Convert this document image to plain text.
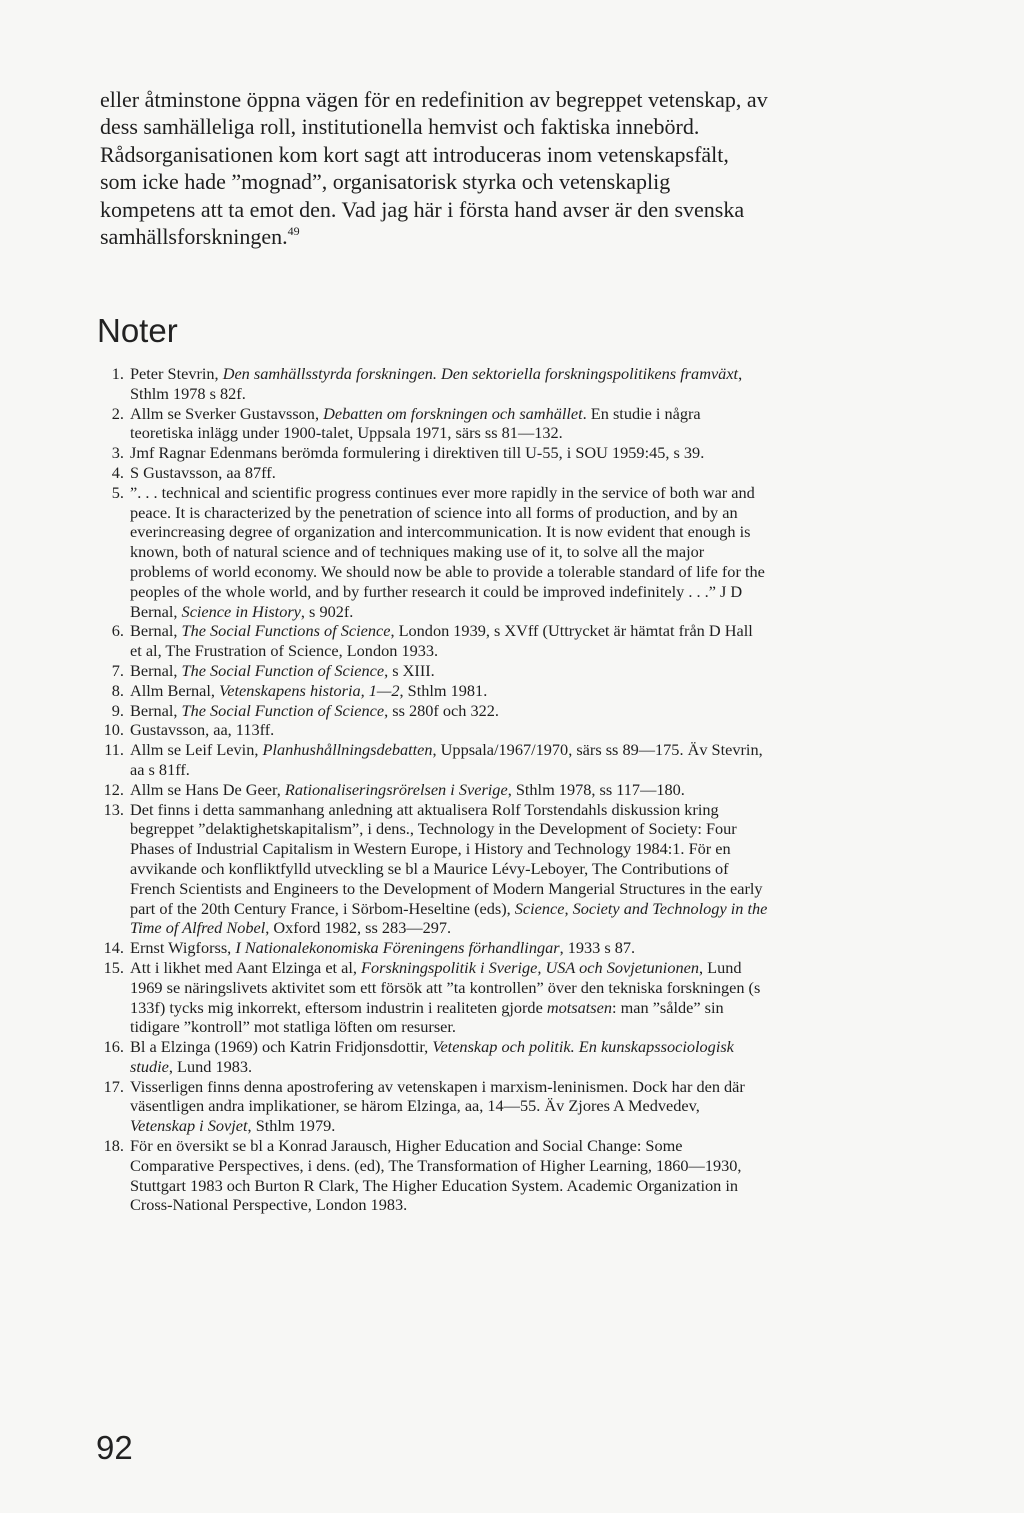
eller åtminstone öppna vägen för en redefinition av begreppet vetenskap, av dess samhälleliga roll, institutionella hemvist och faktiska innebörd. Rådsorganisationen kom kort sagt att introduceras inom vetenskapsfält, som icke hade ”mognad”, organisatorisk styrka och vetenskaplig kompetens att ta emot den. Vad jag här i första hand avser är den svenska samhällsforskningen.$^{49}$

Noter
1. Peter Stevrin, Den samhällsstyrda forskningen. Den sektoriella forskningspolitikens framväxt, Sthlm 1978 s 82f.
2. Allm se Sverker Gustavsson, Debatten om forskningen och samhället. En studie i några teoretiska inlägg under 1900-talet, Uppsala 1971, särs ss 81—132.
3. Jmf Ragnar Edenmans berömda formulering i direktiven till U-55, i SOU 1959:45, s 39.
4. S Gustavsson, aa 87ff.
5. ”. . . technical and scientific progress continues ever more rapidly in the service of both war and peace. It is characterized by the penetration of science into all forms of production, and by an everincreasing degree of organization and intercommunication. It is now evident that enough is known, both of natural science and of techniques making use of it, to solve all the major problems of world economy. We should now be able to provide a tolerable standard of life for the peoples of the whole world, and by further research it could be improved indefinitely . . .” J D Bernal, Science in History, s 902f.
6. Bernal, The Social Functions of Science, London 1939, s XVff (Uttrycket är hämtat från D Hall et al, The Frustration of Science, London 1933.
7. Bernal, The Social Function of Science, s XIII.
8. Allm Bernal, Vetenskapens historia, 1—2, Sthlm 1981.
9. Bernal, The Social Function of Science, ss 280f och 322.
10. Gustavsson, aa, 113ff.
11. Allm se Leif Levin, Planhushållningsdebatten, Uppsala/1967/1970, särs ss 89—175. Äv Stevrin, aa s 81ff.
12. Allm se Hans De Geer, Rationaliseringsrörelsen i Sverige, Sthlm 1978, ss 117—180.
13. Det finns i detta sammanhang anledning att aktualisera Rolf Torstendahls diskussion kring begreppet ”delaktighetskapitalism”, i dens., Technology in the Development of Society: Four Phases of Industrial Capitalism in Western Europe, i History and Technology 1984:1. För en avvikande och konfliktfylld utveckling se bl a Maurice Lévy-Leboyer, The Contributions of French Scientists and Engineers to the Development of Modern Mangerial Structures in the early part of the 20th Century France, i Sörbom-Heseltine (eds), Science, Society and Technology in the Time of Alfred Nobel, Oxford 1982, ss 283—297.
14. Ernst Wigforss, I Nationalekonomiska Föreningens förhandlingar, 1933 s 87.
15. Att i likhet med Aant Elzinga et al, Forskningspolitik i Sverige, USA och Sovjetunionen, Lund 1969 se näringslivets aktivitet som ett försök att ”ta kontrollen” över den tekniska forskningen (s 133f) tycks mig inkorrekt, eftersom industrin i realiteten gjorde motsatsen: man ”sålde” sin tidigare ”kontroll” mot statliga löften om resurser.
16. Bl a Elzinga (1969) och Katrin Fridjonsdottir, Vetenskap och politik. En kunskapssociologisk studie, Lund 1983.
17. Visserligen finns denna apostrofering av vetenskapen i marxism-leninismen. Dock har den där väsentligen andra implikationer, se härom Elzinga, aa, 14—55. Äv Zjores A Medvedev, Vetenskap i Sovjet, Sthlm 1979.
18. För en översikt se bl a Konrad Jarausch, Higher Education and Social Change: Some Comparative Perspectives, i dens. (ed), The Transformation of Higher Learning, 1860—1930, Stuttgart 1983 och Burton R Clark, The Higher Education System. Academic Organization in Cross-National Perspective, London 1983.
92
